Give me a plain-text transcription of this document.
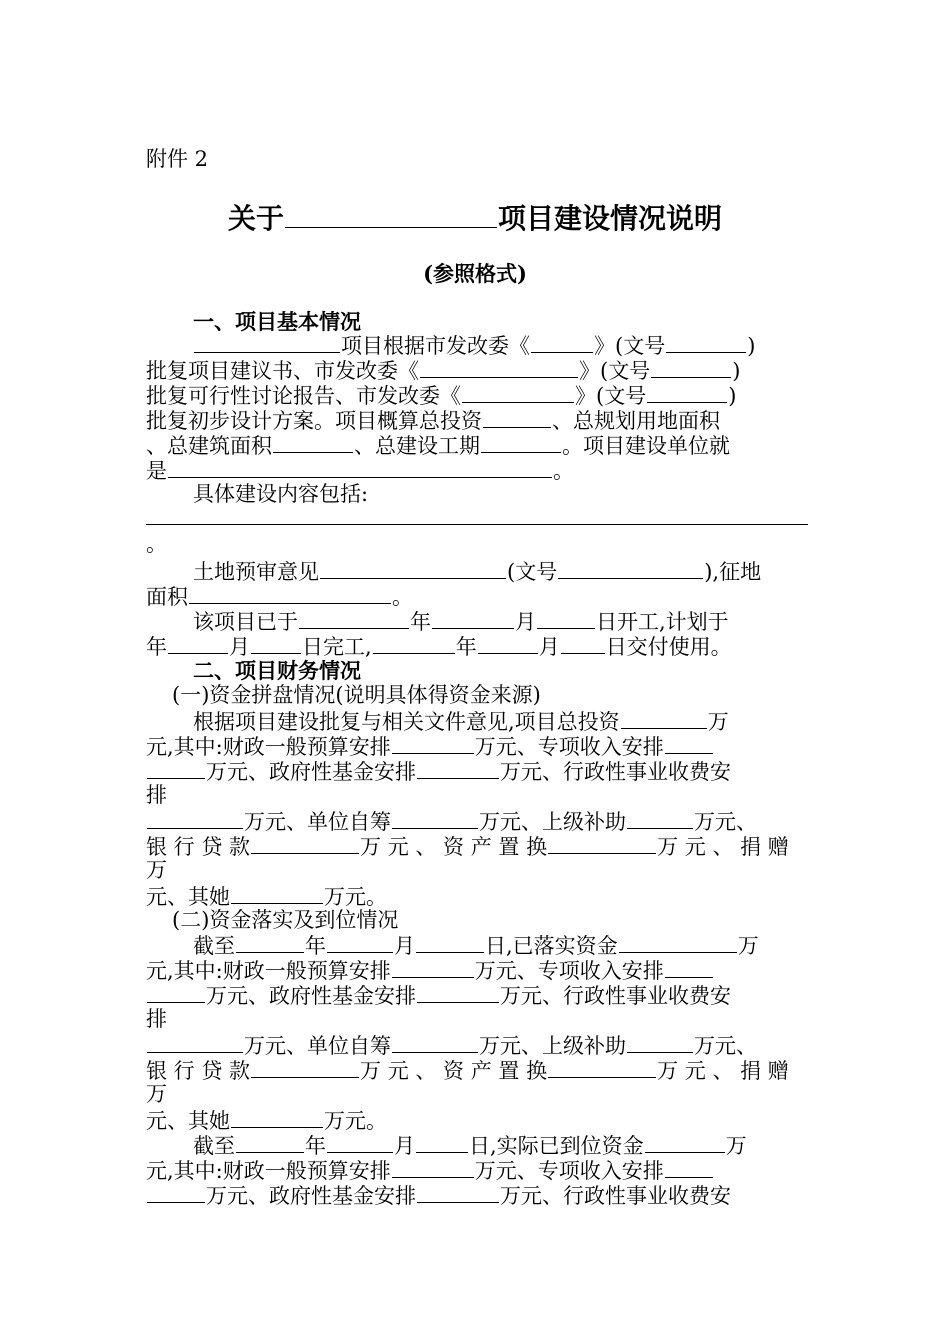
附件 2
关于	项目建设情况说明
(参照格式)
一、项目基本情况
项目根据市发改委《	》(文号	)
批复项目建议书、市发改委《	》(文号	)
批复可行性讨论报告、市发改委《	》(文号	)
批复初步设计方案。项目概算总投资	、总规划用地面积
、总建筑面积	、总建设工期	。项目建设单位就
是	。
具体建设内容包括:
。
土地预审意见	(文号	),征地
面积	。
该项目已于	年	月	日开工,计划于
年	月 日完工,	年	月 日交付使用。
二、项目财务情况
(一)资金拼盘情况(说明具体得资金来源)
根据项目建设批复与相关文件意见,项目总投资	万
元,其中:财政一般预算安排	万元、专项收入安排
万元、政府性基金安排	万元、行政性事业收费安
排
万元、单位自筹	万元、上级补助	万元、
银 行 贷 款	万 元 、 资 产 置 换	万 元 、 捐 赠
万
元、其她	万元。
(二)资金落实及到位情况
截至	年	月	日,已落实资金	万
元,其中:财政一般预算安排	万元、专项收入安排
万元、政府性基金安排	万元、行政性事业收费安
排
万元、单位自筹	万元、上级补助	万元、
银 行 贷 款	万 元 、 资 产 置 换	万 元 、 捐 赠
万
元、其她	万元。
截至	年	月	日,实际已到位资金	万
元,其中:财政一般预算安排	万元、专项收入安排
万元、政府性基金安排	万元、行政性事业收费安
